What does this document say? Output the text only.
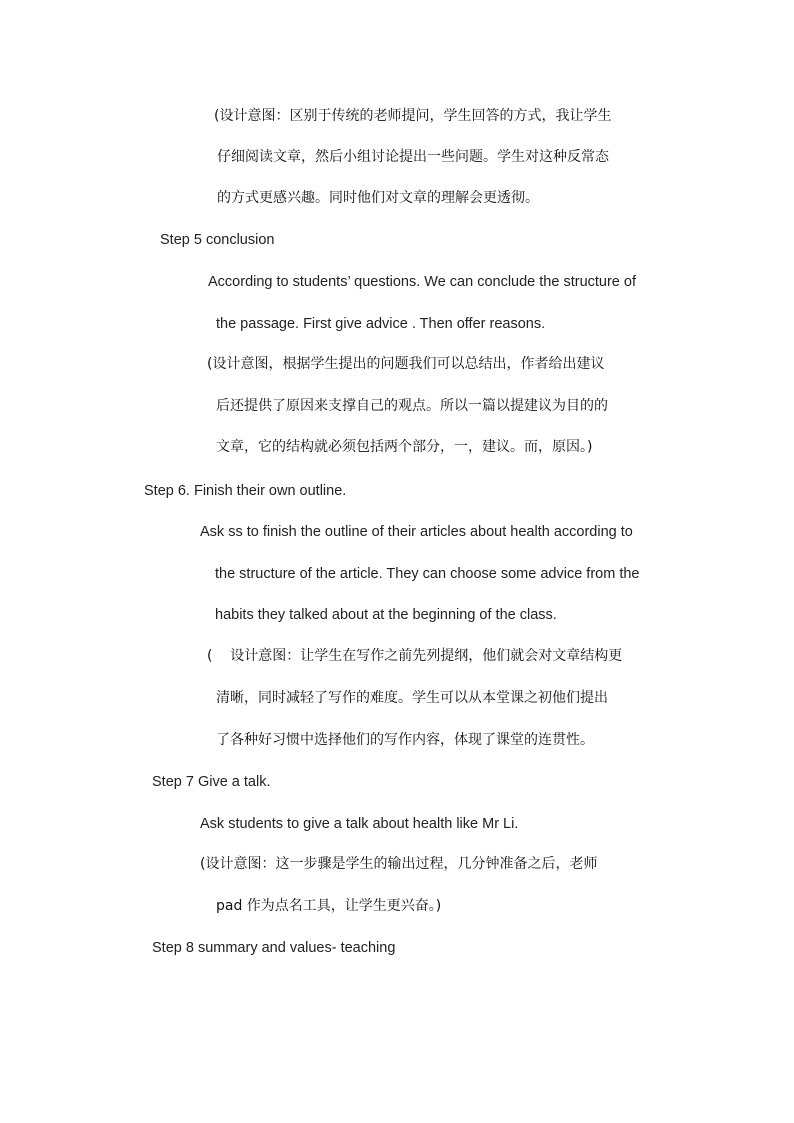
(设计意图：区别于传统的老师提问，学生回答的方式，我让学生
仔细阅读文章，然后小组讨论提出一些问题。学生对这种反常态
的方式更感兴趣。同时他们对文章的理解会更透彻。
Step 5 conclusion
According to students’ questions. We can conclude the structure of
the passage. First give advice . Then offer reasons.
(设计意图，根据学生提出的问题我们可以总结出，作者给出建议
后还提供了原因来支撑自己的观点。所以一篇以提建议为目的的
文章，它的结构就必须包括两个部分，一，建议。而，原因。)
Step 6. Finish their own outline.
Ask ss to finish the outline of their articles about health according to
the structure of the article. They can choose some advice from the
habits they talked about at the beginning of the class.
(    设计意图：让学生在写作之前先列提纲，他们就会对文章结构更
清晰，同时减轻了写作的难度。学生可以从本堂课之初他们提出
了各种好习惯中选择他们的写作内容，体现了课堂的连贯性。
Step 7 Give a talk.
Ask students to give a talk about health like Mr Li.
(设计意图：这一步骤是学生的输出过程，几分钟准备之后，老师
pad 作为点名工具，让学生更兴奋。)
Step 8 summary and values- teaching
